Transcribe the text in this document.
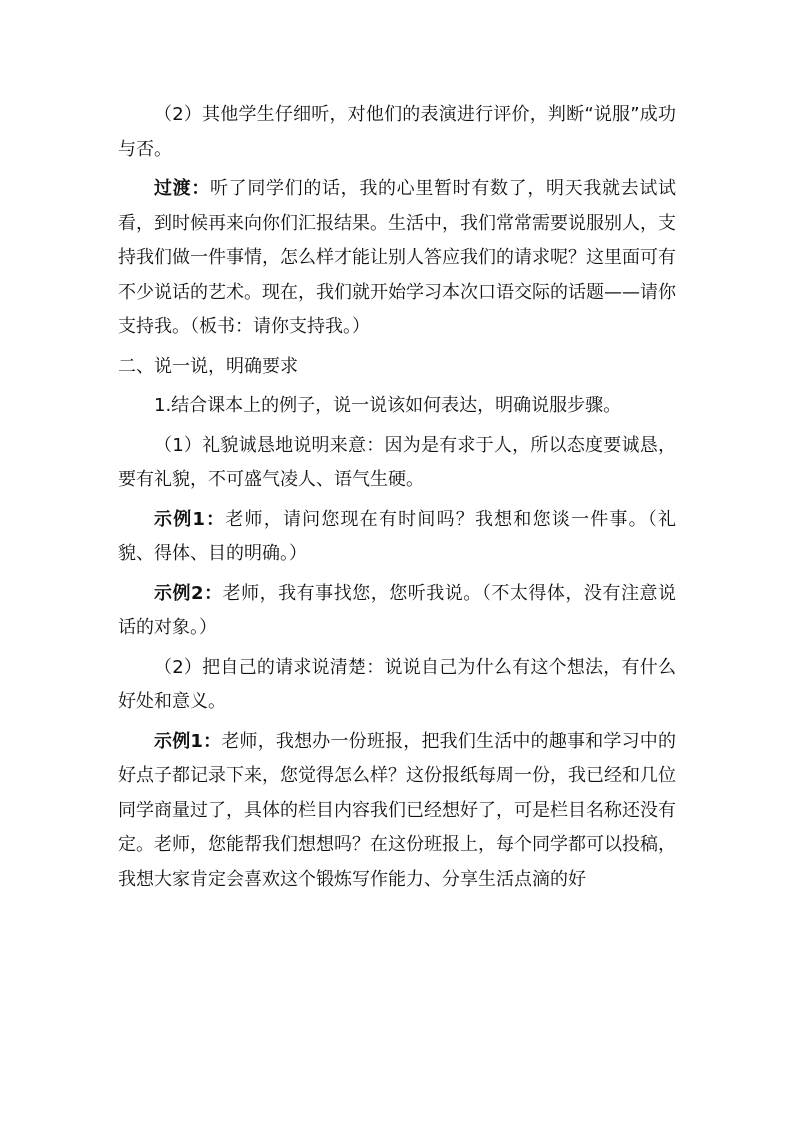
（2）其他学生仔细听，对他们的表演进行评价，判断“说服”成功与否。

过渡：听了同学们的话，我的心里暂时有数了，明天我就去试试看，到时候再来向你们汇报结果。生活中，我们常常需要说服别人，支持我们做一件事情，怎么样才能让别人答应我们的请求呢？这里面可有不少说话的艺术。现在，我们就开始学习本次口语交际的话题——请你支持我。（板书：请你支持我。）

二、说一说，明确要求

1.结合课本上的例子，说一说该如何表达，明确说服步骤。

（1）礼貌诚恳地说明来意：因为是有求于人，所以态度要诚恳，要有礼貌，不可盛气凌人、语气生硬。

示例1：老师，请问您现在有时间吗？我想和您谈一件事。（礼貌、得体、目的明确。）

示例2：老师，我有事找您，您听我说。（不太得体，没有注意说话的对象。）

（2）把自己的请求说清楚：说说自己为什么有这个想法，有什么好处和意义。

示例1：老师，我想办一份班报，把我们生活中的趣事和学习中的好点子都记录下来，您觉得怎么样？这份报纸每周一份，我已经和几位同学商量过了，具体的栏目内容我们已经想好了，可是栏目名称还没有定。老师，您能帮我们想想吗？在这份班报上，每个同学都可以投稿，我想大家肯定会喜欢这个锻炼写作能力、分享生活点滴的好
